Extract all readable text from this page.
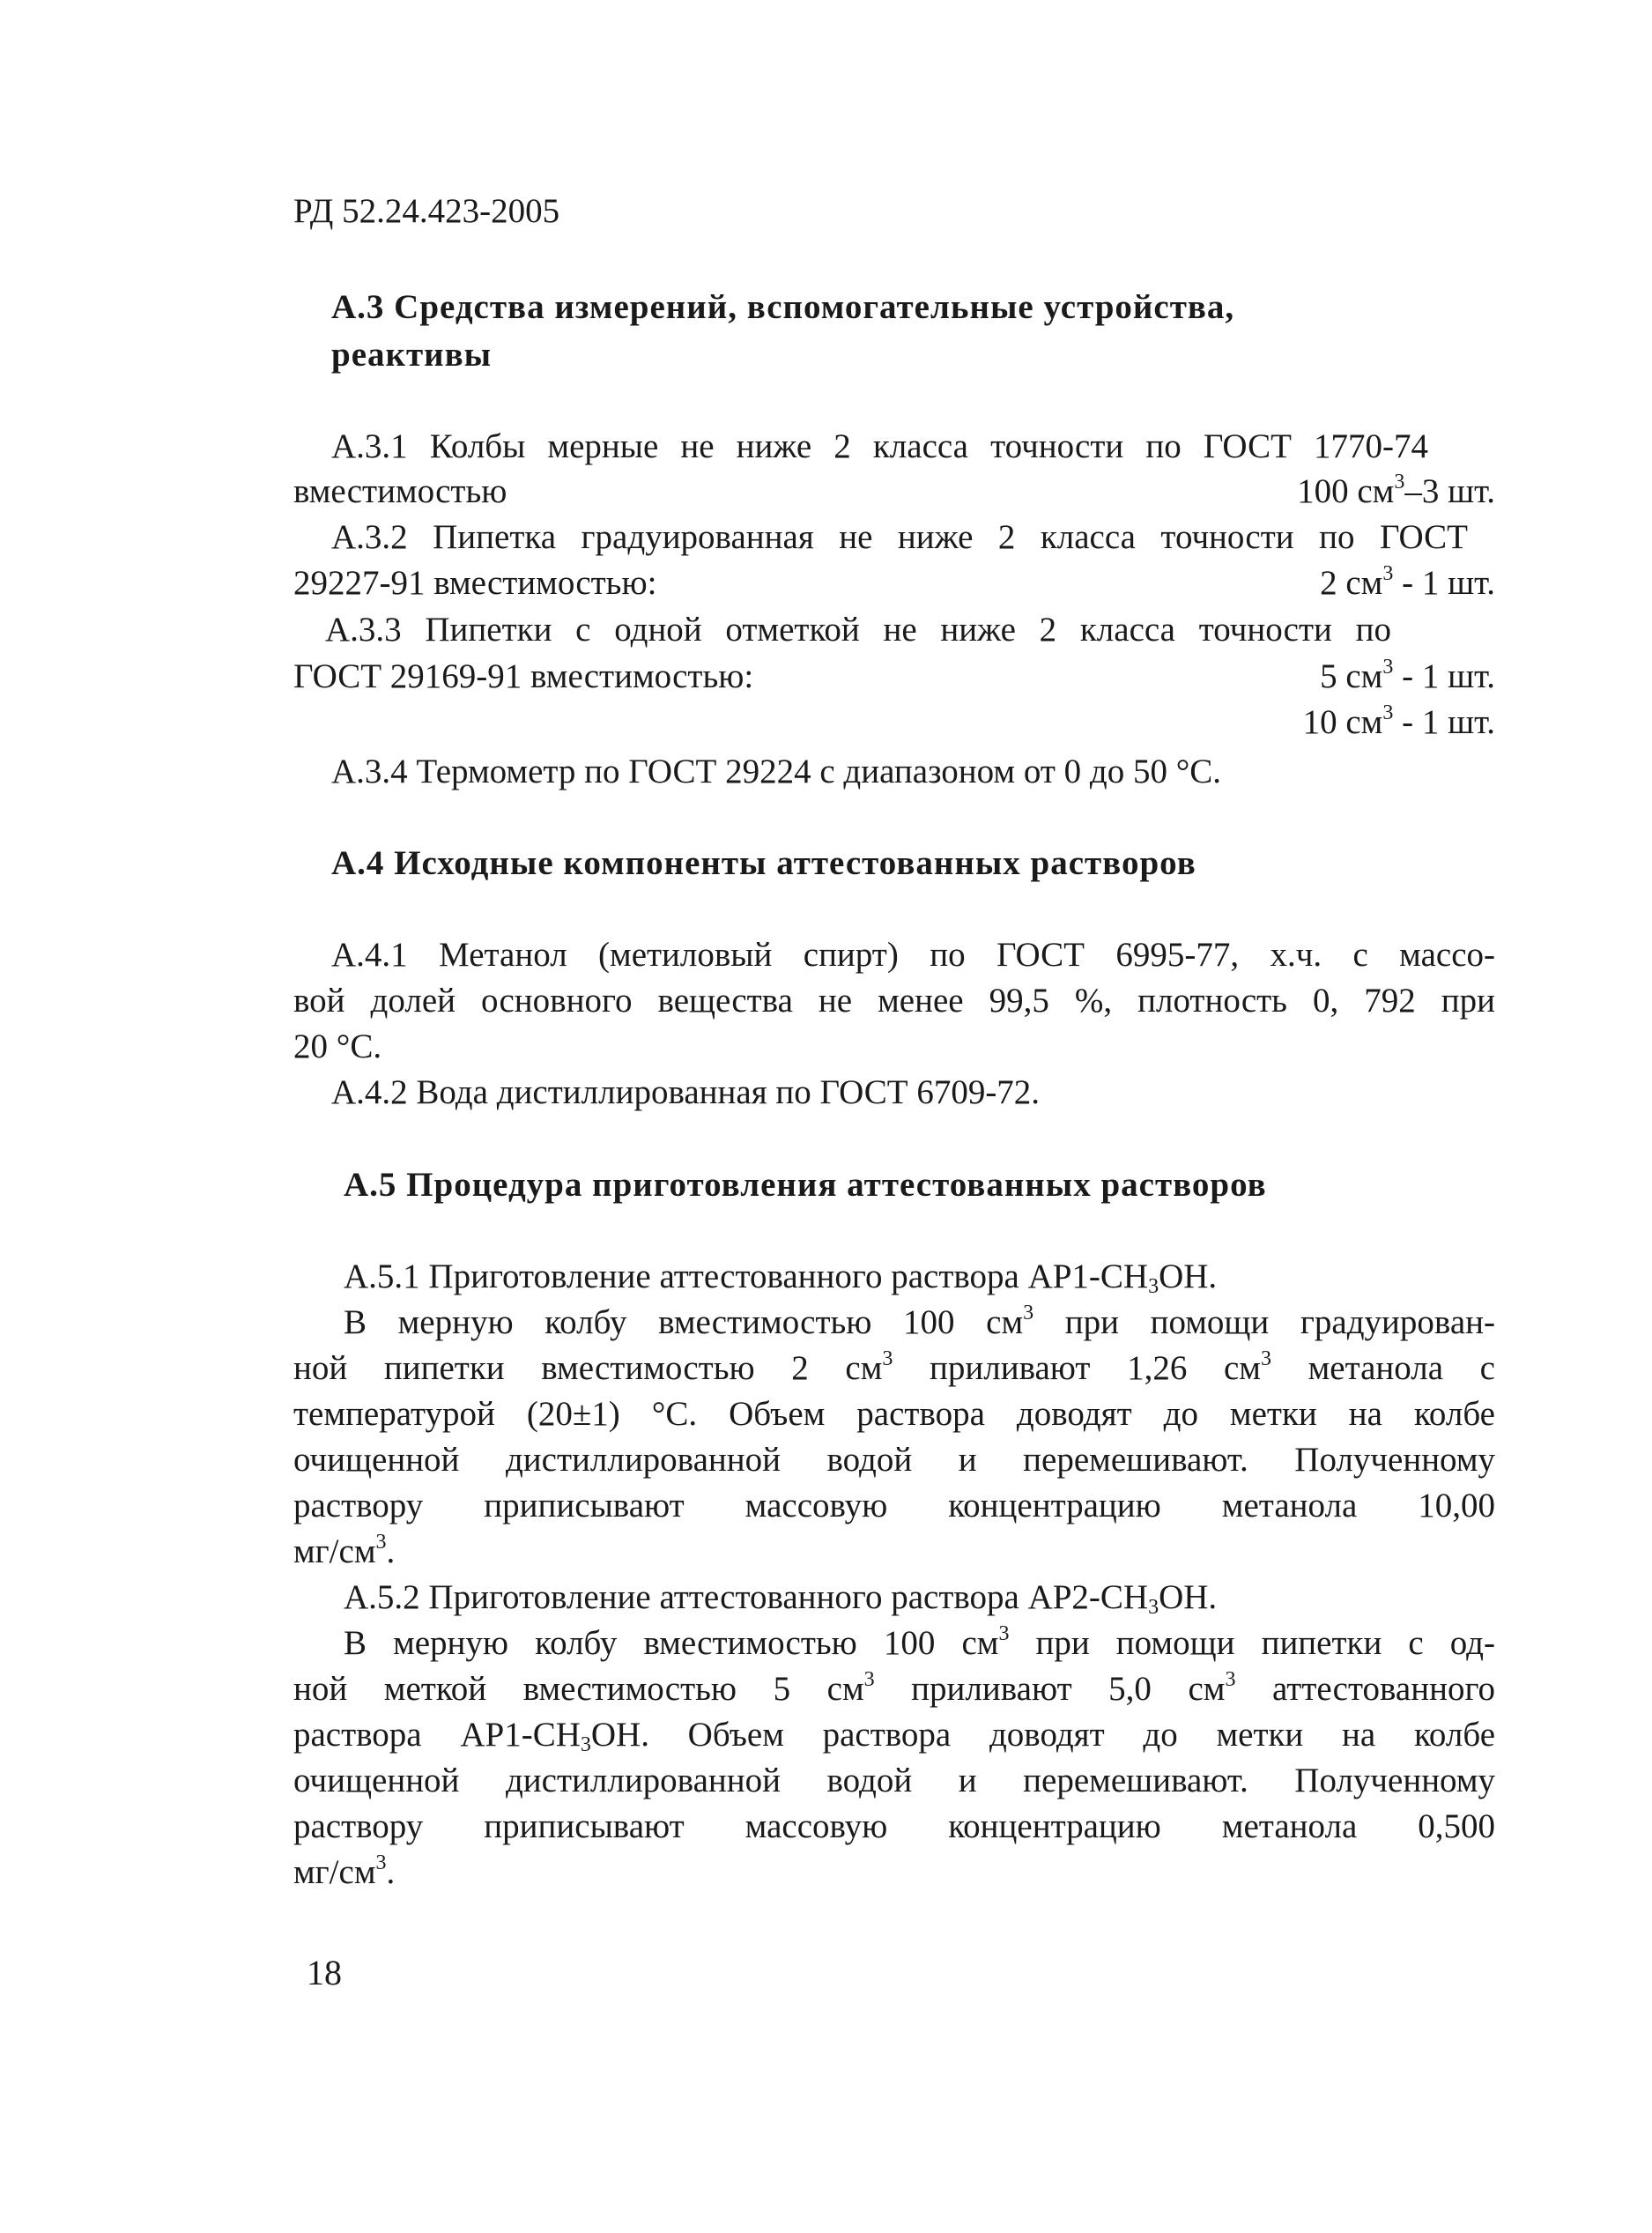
РД 52.24.423-2005
А.3 Средства измерений, вспомогательные устройства,
реактивы
А.3.1 Колбы мерные не ниже 2 класса точности по ГОСТ 1770-74
вместимостью	100 $см^3-3$ шт.
А.3.2 Пипетка градуированная не ниже 2 класса точности по ГОСТ
29227-91 вместимостью:	2 $см^3 - 1$ шт.
А.3.3 Пипетки с одной отметкой не ниже 2 класса точности по
ГОСТ 29169-91 вместимостью:	5 $см^3 - 1$ шт.
10 $см^3 - 1$ шт.
А.3.4 Термометр по ГОСТ 29224 с диапазоном от 0 до 50 °С.
А.4 Исходные компоненты аттестованных растворов
А.4.1 Метанол (метиловый спирт) по ГОСТ 6995-77, х.ч. с массо-
вой долей основного вещества не менее 99,5 %, плотность 0, 792 при
20 °С.
А.4.2 Вода дистиллированная по ГОСТ 6709-72.
А.5 Процедура приготовления аттестованных растворов
А.5.1 Приготовление аттестованного раствора $АР1-СН_3ОН$.
В мерную колбу вместимостью 100 $см^3$ при помощи градуирован-
ной пипетки вместимостью 2 $см^3$ приливают 1,26 $см^3$ метанола с
температурой (20±1) °С. Объем раствора доводят до метки на колбе
очищенной дистиллированной водой и перемешивают. Полученному
раствору приписывают массовую концентрацию метанола 10,00
$мг/см^3$.
А.5.2 Приготовление аттестованного раствора $АР2-СН_3ОН$.
В мерную колбу вместимостью 100 $см^3$ при помощи пипетки с од-
ной меткой вместимостью 5 $см^3$ приливают 5,0 $см^3$ аттестованного
раствора $АР1-СН_3ОН$. Объем раствора доводят до метки на колбе
очищенной дистиллированной водой и перемешивают. Полученному
раствору приписывают массовую концентрацию метанола 0,500
$мг/см^3$.
18
